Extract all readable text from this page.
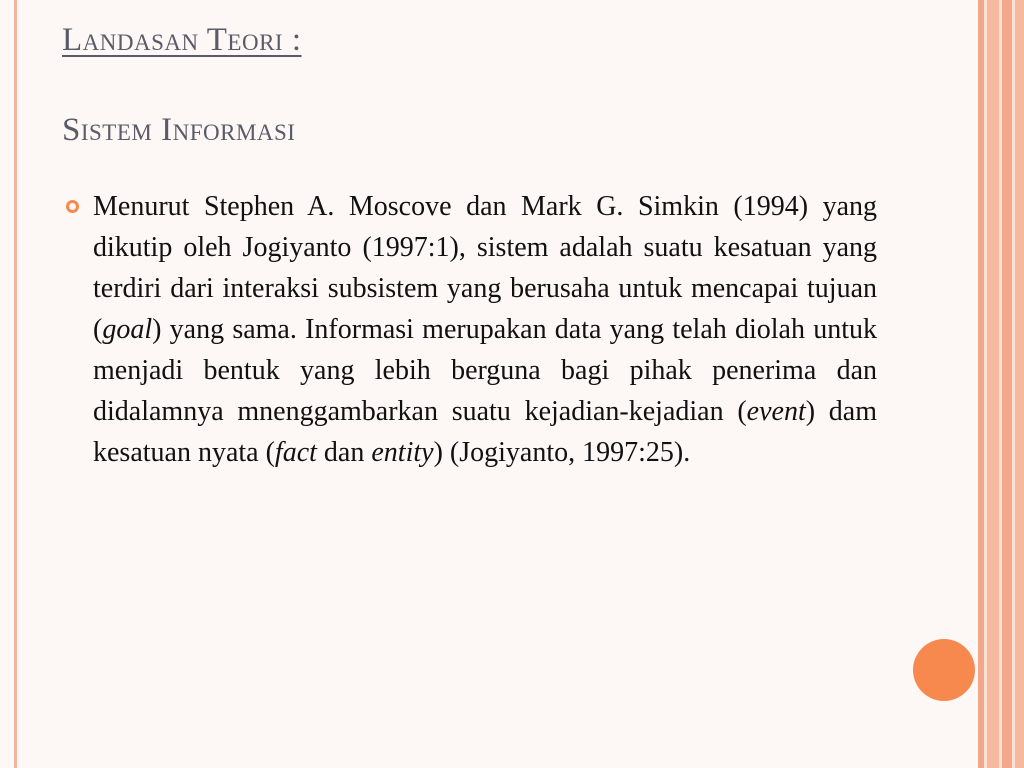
Landasan Teori :
Sistem Informasi
Menurut Stephen A. Moscove dan Mark G. Simkin (1994) yang dikutip oleh Jogiyanto (1997:1), sistem adalah suatu kesatuan yang terdiri dari interaksi subsistem yang berusaha untuk mencapai tujuan (goal) yang sama. Informasi merupakan data yang telah diolah untuk menjadi bentuk yang lebih berguna bagi pihak penerima dan didalamnya mnenggambarkan suatu kejadian-kejadian (event) dam kesatuan nyata (fact dan entity) (Jogiyanto, 1997:25).
